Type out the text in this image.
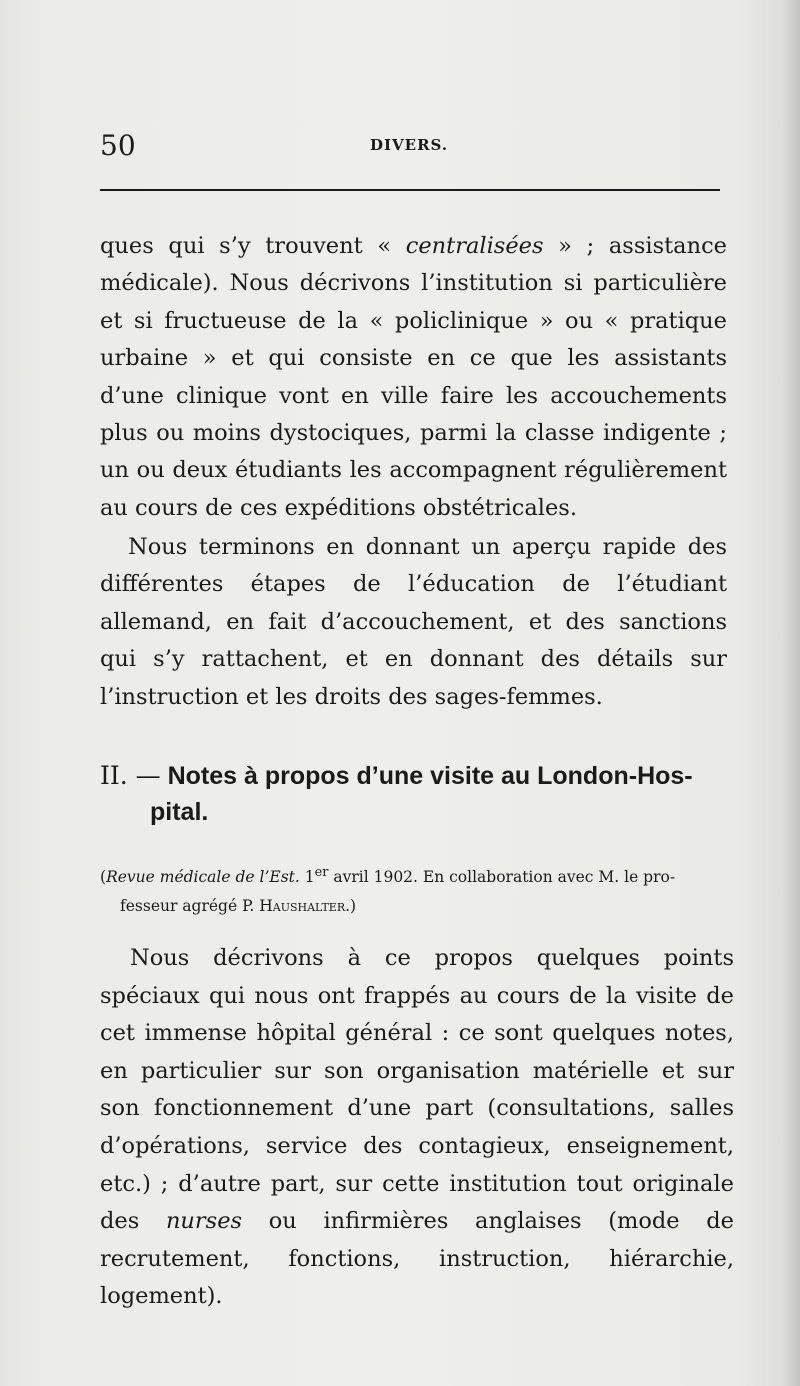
50	DIVERS.

ques qui s’y trouvent « centralisées » ; assistance médicale). Nous décrivons l’institution si particulière et si fructueuse de la « policlinique » ou « pratique urbaine » et qui consiste en ce que les assistants d’une clinique vont en ville faire les accouchements plus ou moins dystociques, parmi la classe indigente ; un ou deux étudiants les accompagnent régulièrement au cours de ces expéditions obstétricales.

Nous terminons en donnant un aperçu rapide des différentes étapes de l’éducation de l’étudiant allemand, en fait d’accouchement, et des sanctions qui s’y rattachent, et en donnant des détails sur l’instruction et les droits des sages-femmes.

II. — Notes à propos d’une visite au London-Hos-
pital.

(Revue médicale de l’Est. 1er avril 1902. En collaboration avec M. le pro-
fesseur agrégé P. Haushalter.)

Nous décrivons à ce propos quelques points spéciaux qui nous ont frappés au cours de la visite de cet immense hôpital général : ce sont quelques notes, en particulier sur son organisation matérielle et sur son fonctionnement d’une part (consultations, salles d’opérations, service des contagieux, enseignement, etc.) ; d’autre part, sur cette institution tout originale des nurses ou infirmières anglaises (mode de recrutement, fonctions, instruction, hiérarchie, logement).
